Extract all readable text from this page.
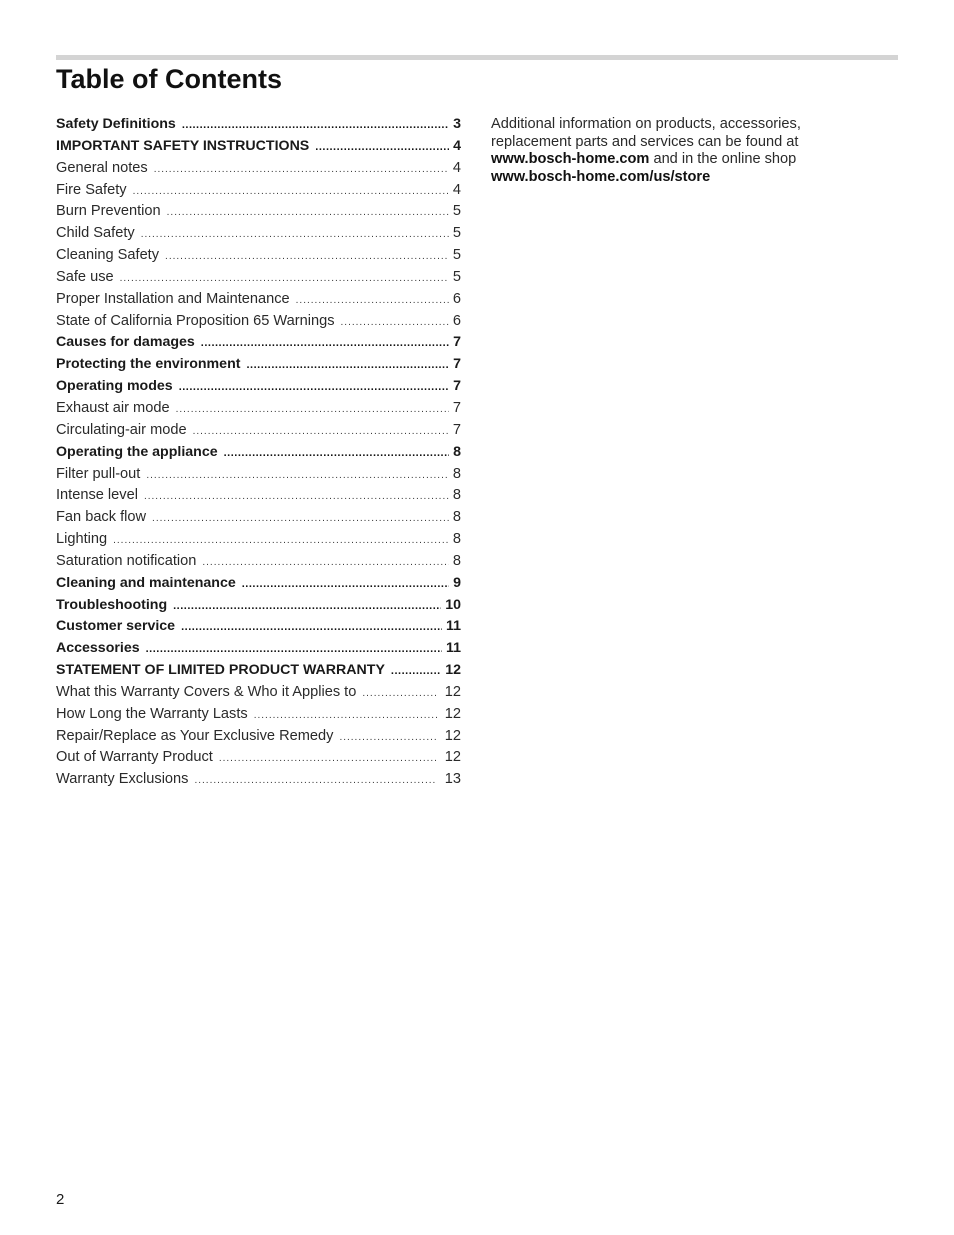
Table of Contents
Safety Definitions .....	3
IMPORTANT SAFETY INSTRUCTIONS .....	4
General notes .....	4
Fire Safety .....	4
Burn Prevention .....	5
Child Safety .....	5
Cleaning Safety .....	5
Safe use .....	5
Proper Installation and Maintenance .....	6
State of California Proposition 65 Warnings .....	6
Causes for damages .....	7
Protecting the environment .....	7
Operating modes .....	7
Exhaust air mode .....	7
Circulating-air mode .....	7
Operating the appliance .....	8
Filter pull-out .....	8
Intense level .....	8
Fan back flow .....	8
Lighting .....	8
Saturation notification .....	8
Cleaning and maintenance .....	9
Troubleshooting .....	10
Customer service .....	11
Accessories .....	11
STATEMENT OF LIMITED PRODUCT WARRANTY .....	12
What this Warranty Covers & Who it Applies to .....	12
How Long the Warranty Lasts .....	12
Repair/Replace as Your Exclusive Remedy .....	12
Out of Warranty Product .....	12
Warranty Exclusions .....	13

Additional information on products, accessories, replacement parts and services can be found at
www.bosch-home.com and in the online shop
www.bosch-home.com/us/store

2
